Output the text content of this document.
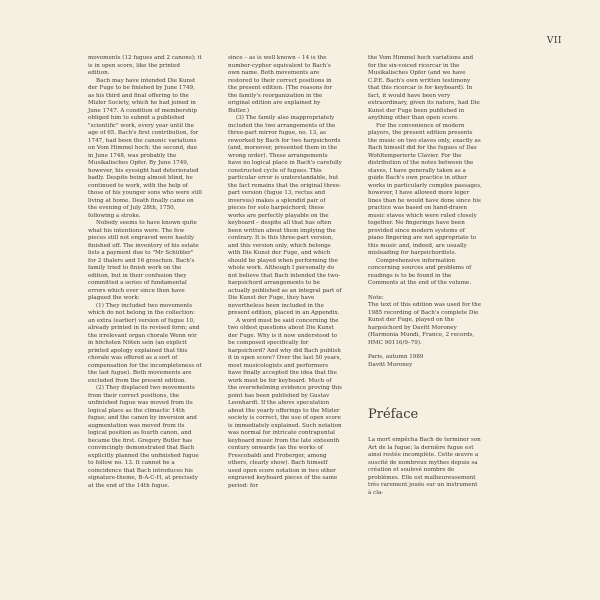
VII

movements (12 fugues and 2 canons); it is in open score, like the printed edition.

Bach may have intended Die Kunst der Fuge to be finished by June 1749, as his third and final offering to the Mizler Society, which he had joined in June 1747. A condition of membership obliged him to submit a published "scientific" work, every year until the age of 65. Bach's first contribution, for 1747, had been the canonic variations on Vom Himmel hoch; the second, due in June 1748, was probably the Musikalisches Opfer. By June 1749, however, his eyesight had deteriorated badly. Despite being almost blind, he continued to work, with the help of those of his younger sons who were still living at home. Death finally came on the evening of July 28th, 1750, following a stroke.

Nobody seems to have known quite what his intentions were. The few pieces still not engraved were hastily finished off. The inventory of his estate lists a payment due to "Mr Schübler" for 2 thalers and 16 groschen. Bach's family tried to finish work on the edition, but in their confusion they committed a series of fundamental errors which ever since then have plagued the work:

(1) They included two movements which do not belong in the collection: an extra (earlier) version of fugue 10, already printed in its revised form; and the irrelevant organ chorale Wenn wir in höchsten Nöten sein (an explicit printed apology explained that this chorale was offered as a sort of compensation for the incompleteness of the last fugue). Both movements are excluded from the present edition.

(2) They displaced two movements from their correct positions, the unfinished fugue was moved from its logical place as the climactic 14th fugue; and the canon by inversion and augmentation was moved from its logical position as fourth canon, and became the first. Gregory Butler has convincingly demonstrated that Bach explicitly planned the unfinished fugue to follow no. 13. It cannot be a coincidence that Bach introduces his signature-theme, B-A-C-H, at precisely at the end of the 14th fugue.

since – as is well known – 14 is the number-cypher equivalent to Bach's own name. Both movements are restored to their correct positions in the present edition. (The reasons for the family's reorganization in the original edition are explained by Butler.)

(3) The family also inappropriately included the two arrangements of the three-part mirror fugue, no. 13, as reworked by Bach for two harpsichords (and, moreover, presented them in the wrong order). These arrangements have no logical place in Bach's carefully constructed cycle of fugues. This particular error is understandable, but the fact remains that the original three-part version (fugue 13, rectus and inversus) makes a splendid pair of pieces for solo harpsichord; these works are perfectly playable on the keyboard – despite all that has often been written about them implying the contrary. It is this three-part version, and this version only, which belongs with Die Kunst der Fuge, and which should be played when performing the whole work. Although I personally do not believe that Bach intended the two-harpsichord arrangements to be actually published as an integral part of Die Kunst der Fuge, they have nevertheless been included in the present edition, placed in an Appendix.

A word must be said concerning the two oldest questions about Die Kunst der Fuge. Why is it now understood to be composed specifically for harpsichord? And why did Bach publish it in open score? Over the last 50 years, most musicologists and performers have finally accepted the idea that the work must be for keyboard. Much of the overwhelming evidence proving this point has been published by Gustav Leonhardt. If the above speculation about the yearly offerings to the Mizler society is correct, the use of open score is immediately explained. Such notation was normal for intricate contrapuntal keyboard music from the late sixteenth century onwards (as the works of Frescobaldi and Froberger, among others, clearly show). Bach himself used open score notation in two other engraved keyboard pieces of the same period: for

the Vom Himmel hoch variations and for the six-voiced ricercar in the Musikalisches Opfer (and we have C.P.E. Bach's own written testimony that this ricercar is for keyboard). In fact, it would have been very extraordinary, given its nature, had Die Kunst der Fuge been published in anything other than open score.

For the convenience of modern players, the present edition presents the music on two staves only, exactly as Bach himself did for the fugues of Das Wohltemperierte Clavier. For the distribution of the notes between the staves, I have generally taken as a guide Bach's own practice in other works in particularly complex passages, however, I have allowed more leger lines than he would have done since his practice was based on hand-drawn music staves which were ruled closely together. No fingerings have been provided since modern systems of piano fingering are not appropriate to this music and, indeed, are usually misleading for harpsichordists.

Comprehensive information concerning sources and problems of readings is to be found in the Comments at the end of the volume.

Note:

The text of this edition was used for the 1985 recording of Bach's complete Die Kunst der Fuge, played on the harpsichord by Davitt Moroney (Harmonia Mundi, France, 2 records, HMC 90116/9–79).

Paris, autumn 1989

Davitt Moroney

Préface

La mort empêcha Bach de terminer son Art de la fugue; la dernière fugue est ainsi restée incomplète. Cette œuvre a suscité de nombreux mythes depuis sa création et soulevé nombre de problèmes. Elle est malheureusement très rarement jouée sur un instrument à cla-
